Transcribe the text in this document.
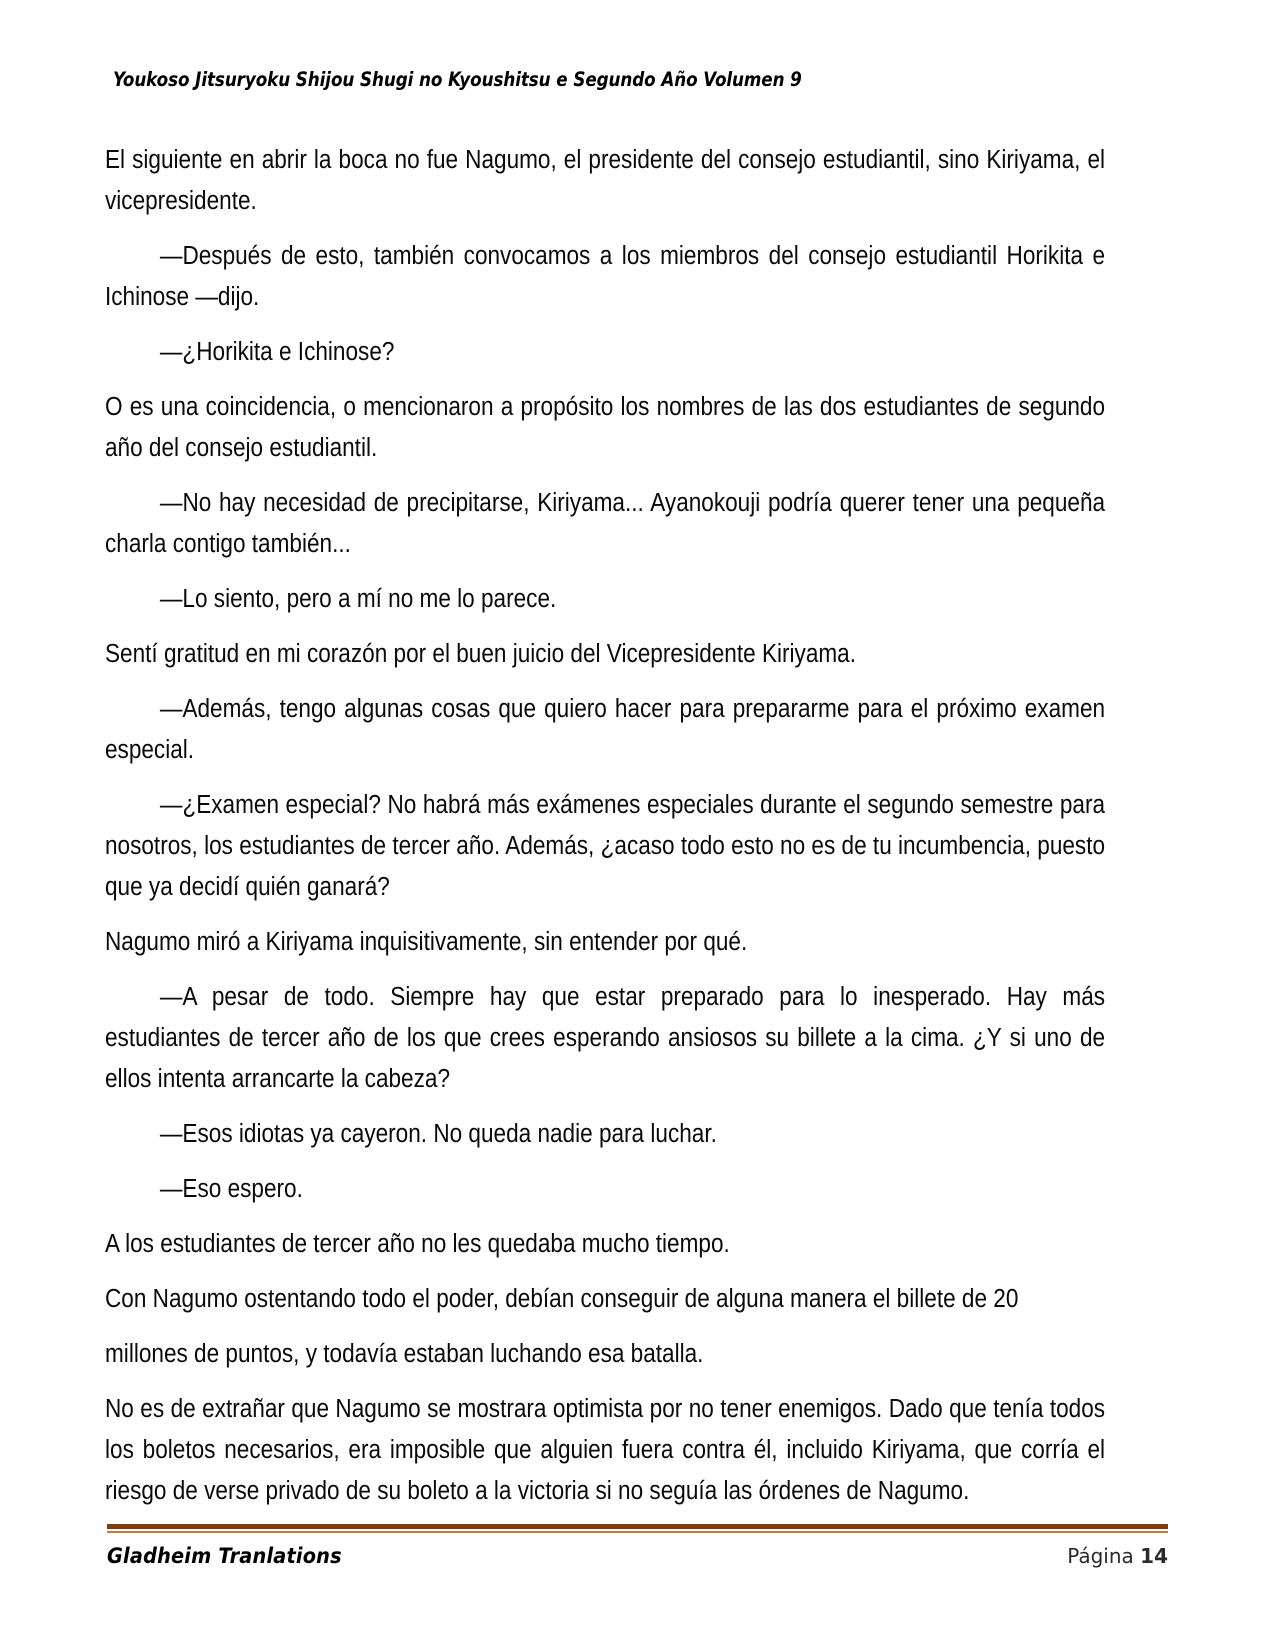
Youkoso Jitsuryoku Shijou Shugi no Kyoushitsu e Segundo Año Volumen 9

El siguiente en abrir la boca no fue Nagumo, el presidente del consejo estudiantil, sino Kiriyama, el vicepresidente.

—Después de esto, también convocamos a los miembros del consejo estudiantil Horikita e Ichinose —dijo.

—¿Horikita e Ichinose?

O es una coincidencia, o mencionaron a propósito los nombres de las dos estudiantes de segundo año del consejo estudiantil.

—No hay necesidad de precipitarse, Kiriyama... Ayanokouji podría querer tener una pequeña charla contigo también...

—Lo siento, pero a mí no me lo parece.

Sentí gratitud en mi corazón por el buen juicio del Vicepresidente Kiriyama.

—Además, tengo algunas cosas que quiero hacer para prepararme para el próximo examen especial.

—¿Examen especial? No habrá más exámenes especiales durante el segundo semestre para nosotros, los estudiantes de tercer año. Además, ¿acaso todo esto no es de tu incumbencia, puesto que ya decidí quién ganará?

Nagumo miró a Kiriyama inquisitivamente, sin entender por qué.

—A pesar de todo. Siempre hay que estar preparado para lo inesperado. Hay más estudiantes de tercer año de los que crees esperando ansiosos su billete a la cima. ¿Y si uno de ellos intenta arrancarte la cabeza?

—Esos idiotas ya cayeron. No queda nadie para luchar.

—Eso espero.

A los estudiantes de tercer año no les quedaba mucho tiempo.

Con Nagumo ostentando todo el poder, debían conseguir de alguna manera el billete de 20

millones de puntos, y todavía estaban luchando esa batalla.

No es de extrañar que Nagumo se mostrara optimista por no tener enemigos. Dado que tenía todos los boletos necesarios, era imposible que alguien fuera contra él, incluido Kiriyama, que corría el riesgo de verse privado de su boleto a la victoria si no seguía las órdenes de Nagumo.

Gladheim Tranlations	Página 14
